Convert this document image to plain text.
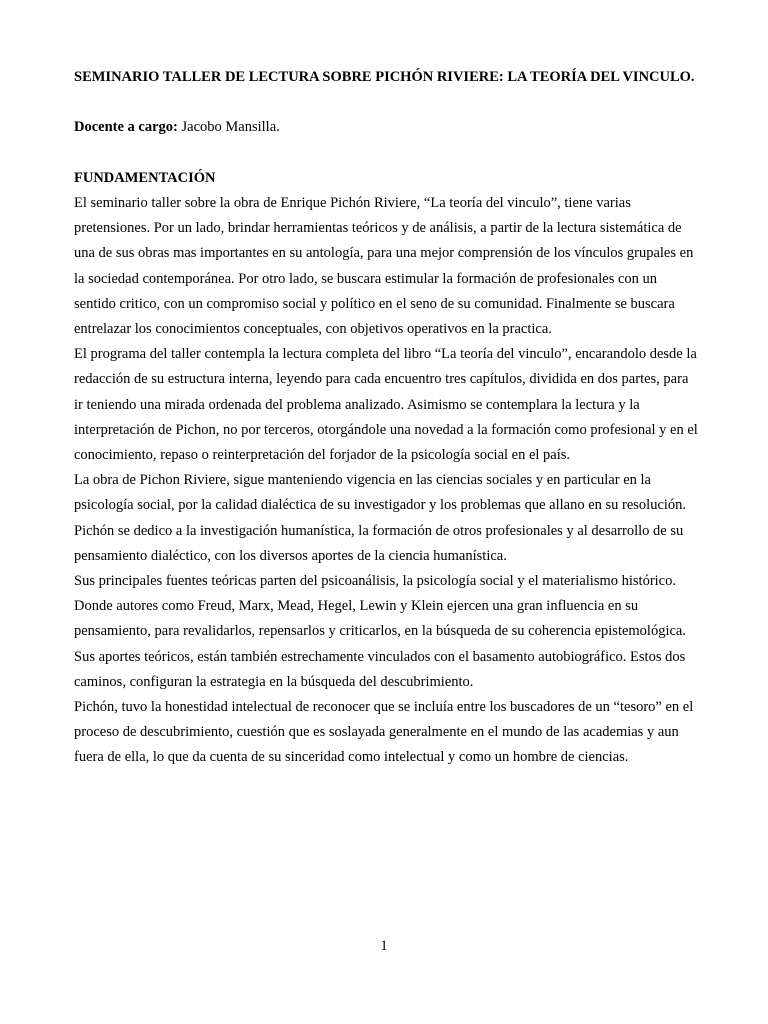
SEMINARIO TALLER DE LECTURA SOBRE PICHÓN RIVIERE: LA TEORÍA DEL VINCULO.

Docente a cargo: Jacobo Mansilla.

FUNDAMENTACIÓN

El seminario taller sobre la obra de Enrique Pichón Riviere, “La teoría del vinculo”, tiene varias pretensiones. Por un lado, brindar herramientas teóricos y de análisis, a partir de la lectura sistemática de una de sus obras mas importantes en su antología, para una mejor comprensión de los vínculos grupales en la sociedad contemporánea. Por otro lado, se buscara estimular la formación de profesionales con un sentido critico, con un compromiso social y político en el seno de su comunidad. Finalmente se buscara entrelazar los conocimientos conceptuales, con objetivos operativos en la practica.

El programa del taller contempla la lectura completa del libro “La teoría del vinculo”, encarandolo desde la redacción de su estructura interna, leyendo para cada encuentro tres capítulos, dividida en dos partes, para ir teniendo una mirada ordenada del problema analizado. Asimismo se contemplara la lectura y la interpretación de Pichon, no por terceros, otorgándole una novedad a la formación como profesional y en el conocimiento, repaso o reinterpretación del forjador de la psicología social en el país.

La obra de Pichon Riviere, sigue manteniendo vigencia en las ciencias sociales y en particular en la psicología social, por la calidad dialéctica de su investigador y los problemas que allano en su resolución. Pichón se dedico a la investigación humanística, la formación de otros profesionales y al desarrollo de su pensamiento dialéctico, con los diversos aportes de la ciencia humanística.

Sus principales fuentes teóricas parten del psicoanálisis, la psicología social y el materialismo histórico. Donde autores como Freud, Marx, Mead, Hegel, Lewin y Klein ejercen una gran influencia en su pensamiento, para revalidarlos, repensarlos y criticarlos, en la búsqueda de su coherencia epistemológica. Sus aportes teóricos, están también estrechamente vinculados con el basamento autobiográfico. Estos dos caminos, configuran la estrategia en la búsqueda del descubrimiento.

Pichón, tuvo la honestidad intelectual de reconocer que se incluía entre los buscadores de un “tesoro” en el proceso de descubrimiento, cuestión que es soslayada generalmente en el mundo de las academias y aun fuera de ella, lo que da cuenta de su sinceridad como intelectual y como un hombre de ciencias.

1
